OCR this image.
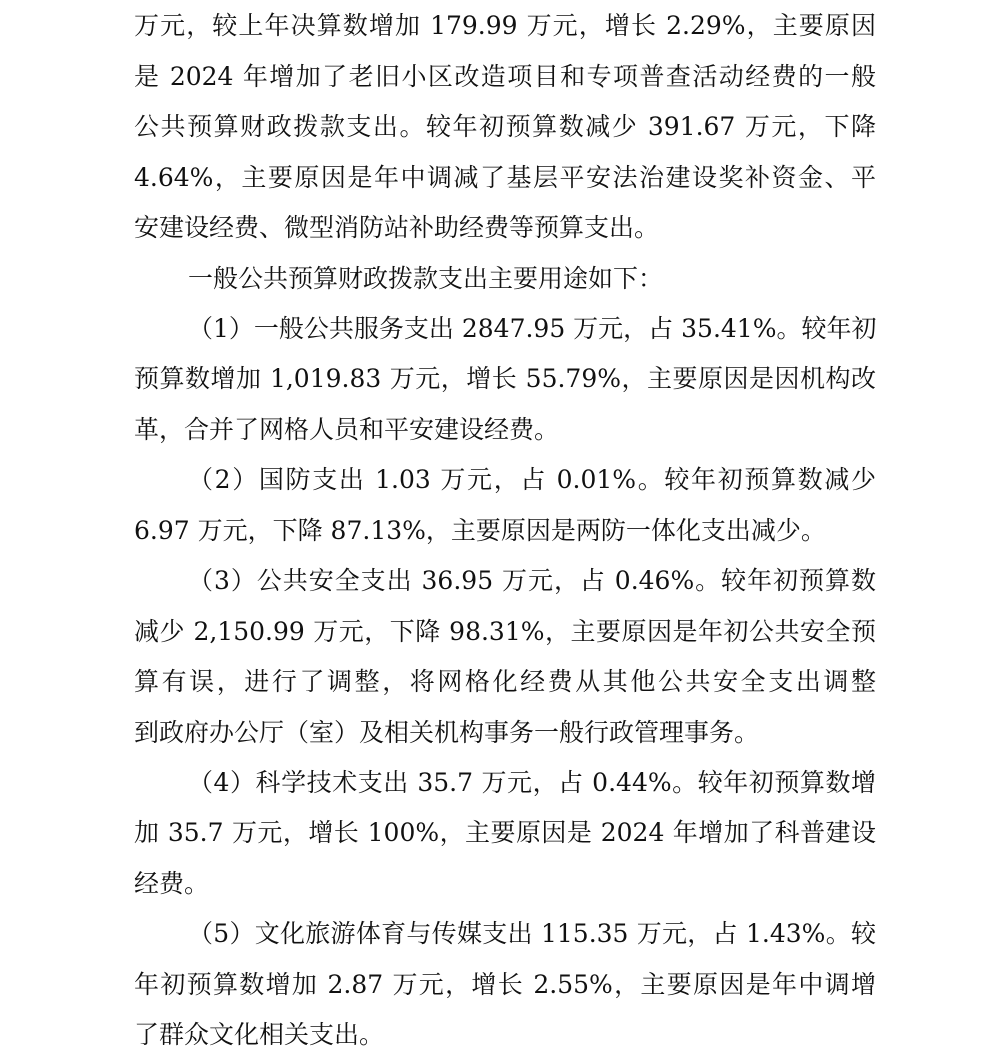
万元，较上年决算数增加 179.99 万元，增长 2.29%，主要原因
是 2024 年增加了老旧小区改造项目和专项普查活动经费的一般
公共预算财政拨款支出。较年初预算数减少 391.67 万元，下降
4.64%，主要原因是年中调减了基层平安法治建设奖补资金、平
安建设经费、微型消防站补助经费等预算支出。
一般公共预算财政拨款支出主要用途如下：
（1）一般公共服务支出 2847.95 万元，占 35.41%。较年初
预算数增加 1,019.83 万元，增长 55.79%，主要原因是因机构改
革，合并了网格人员和平安建设经费。
（2）国防支出 1.03 万元，占 0.01%。较年初预算数减少
6.97 万元，下降 87.13%，主要原因是两防一体化支出减少。
（3）公共安全支出 36.95 万元，占 0.46%。较年初预算数
减少 2,150.99 万元，下降 98.31%，主要原因是年初公共安全预
算有误，进行了调整，将网格化经费从其他公共安全支出调整
到政府办公厅（室）及相关机构事务一般行政管理事务。
（4）科学技术支出 35.7 万元，占 0.44%。较年初预算数增
加 35.7 万元，增长 100%，主要原因是 2024 年增加了科普建设
经费。
（5）文化旅游体育与传媒支出 115.35 万元，占 1.43%。较
年初预算数增加 2.87 万元，增长 2.55%，主要原因是年中调增
了群众文化相关支出。
